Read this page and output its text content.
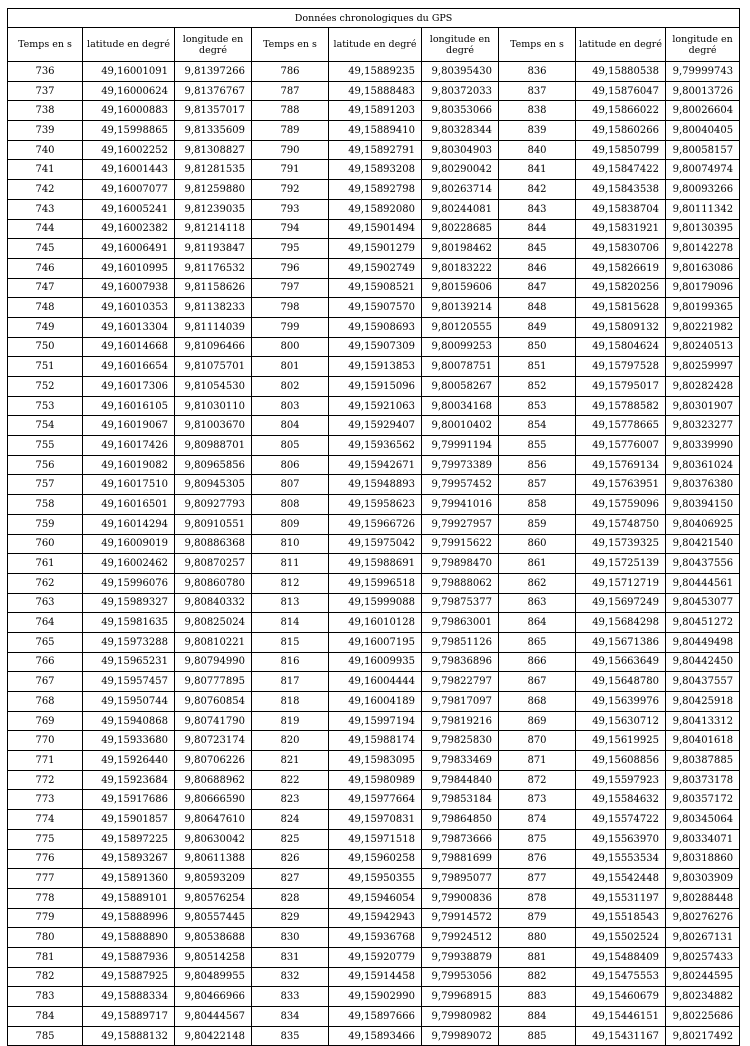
Données chronologiques du GPS								
Temps en s	latitude en degré	longitude en degré	Temps en s	latitude en degré	longitude en degré	Temps en s	latitude en degré	longitude en degré
736	49,16001091	9,81397266	786	49,15889235	9,80395430	836	49,15880538	9,79999743
737	49,16000624	9,81376767	787	49,15888483	9,80372033	837	49,15876047	9,80013726
738	49,16000883	9,81357017	788	49,15891203	9,80353066	838	49,15866022	9,80026604
739	49,15998865	9,81335609	789	49,15889410	9,80328344	839	49,15860266	9,80040405
740	49,16002252	9,81308827	790	49,15892791	9,80304903	840	49,15850799	9,80058157
741	49,16001443	9,81281535	791	49,15893208	9,80290042	841	49,15847422	9,80074974
742	49,16007077	9,81259880	792	49,15892798	9,80263714	842	49,15843538	9,80093266
743	49,16005241	9,81239035	793	49,15892080	9,80244081	843	49,15838704	9,80111342
744	49,16002382	9,81214118	794	49,15901494	9,80228685	844	49,15831921	9,80130395
745	49,16006491	9,81193847	795	49,15901279	9,80198462	845	49,15830706	9,80142278
746	49,16010995	9,81176532	796	49,15902749	9,80183222	846	49,15826619	9,80163086
747	49,16007938	9,81158626	797	49,15908521	9,80159606	847	49,15820256	9,80179096
748	49,16010353	9,81138233	798	49,15907570	9,80139214	848	49,15815628	9,80199365
749	49,16013304	9,81114039	799	49,15908693	9,80120555	849	49,15809132	9,80221982
750	49,16014668	9,81096466	800	49,15907309	9,80099253	850	49,15804624	9,80240513
751	49,16016654	9,81075701	801	49,15913853	9,80078751	851	49,15797528	9,80259997
752	49,16017306	9,81054530	802	49,15915096	9,80058267	852	49,15795017	9,80282428
753	49,16016105	9,81030110	803	49,15921063	9,80034168	853	49,15788582	9,80301907
754	49,16019067	9,81003670	804	49,15929407	9,80010402	854	49,15778665	9,80323277
755	49,16017426	9,80988701	805	49,15936562	9,79991194	855	49,15776007	9,80339990
756	49,16019082	9,80965856	806	49,15942671	9,79973389	856	49,15769134	9,80361024
757	49,16017510	9,80945305	807	49,15948893	9,79957452	857	49,15763951	9,80376380
758	49,16016501	9,80927793	808	49,15958623	9,79941016	858	49,15759096	9,80394150
759	49,16014294	9,80910551	809	49,15966726	9,79927957	859	49,15748750	9,80406925
760	49,16009019	9,80886368	810	49,15975042	9,79915622	860	49,15739325	9,80421540
761	49,16002462	9,80870257	811	49,15988691	9,79898470	861	49,15725139	9,80437556
762	49,15996076	9,80860780	812	49,15996518	9,79888062	862	49,15712719	9,80444561
763	49,15989327	9,80840332	813	49,15999088	9,79875377	863	49,15697249	9,80453077
764	49,15981635	9,80825024	814	49,16010128	9,79863001	864	49,15684298	9,80451272
765	49,15973288	9,80810221	815	49,16007195	9,79851126	865	49,15671386	9,80449498
766	49,15965231	9,80794990	816	49,16009935	9,79836896	866	49,15663649	9,80442450
767	49,15957457	9,80777895	817	49,16004444	9,79822797	867	49,15648780	9,80437557
768	49,15950744	9,80760854	818	49,16004189	9,79817097	868	49,15639976	9,80425918
769	49,15940868	9,80741790	819	49,15997194	9,79819216	869	49,15630712	9,80413312
770	49,15933680	9,80723174	820	49,15988174	9,79825830	870	49,15619925	9,80401618
771	49,15926440	9,80706226	821	49,15983095	9,79833469	871	49,15608856	9,80387885
772	49,15923684	9,80688962	822	49,15980989	9,79844840	872	49,15597923	9,80373178
773	49,15917686	9,80666590	823	49,15977664	9,79853184	873	49,15584632	9,80357172
774	49,15901857	9,80647610	824	49,15970831	9,79864850	874	49,15574722	9,80345064
775	49,15897225	9,80630042	825	49,15971518	9,79873666	875	49,15563970	9,80334071
776	49,15893267	9,80611388	826	49,15960258	9,79881699	876	49,15553534	9,80318860
777	49,15891360	9,80593209	827	49,15950355	9,79895077	877	49,15542448	9,80303909
778	49,15889101	9,80576254	828	49,15946054	9,79900836	878	49,15531197	9,80288448
779	49,15888996	9,80557445	829	49,15942943	9,79914572	879	49,15518543	9,80276276
780	49,15888890	9,80538688	830	49,15936768	9,79924512	880	49,15502524	9,80267131
781	49,15887936	9,80514258	831	49,15920779	9,79938879	881	49,15488409	9,80257433
782	49,15887925	9,80489955	832	49,15914458	9,79953056	882	49,15475553	9,80244595
783	49,15888334	9,80466966	833	49,15902990	9,79968915	883	49,15460679	9,80234882
784	49,15889717	9,80444567	834	49,15897666	9,79980982	884	49,15446151	9,80225686
785	49,15888132	9,80422148	835	49,15893466	9,79989072	885	49,15431167	9,80217492
